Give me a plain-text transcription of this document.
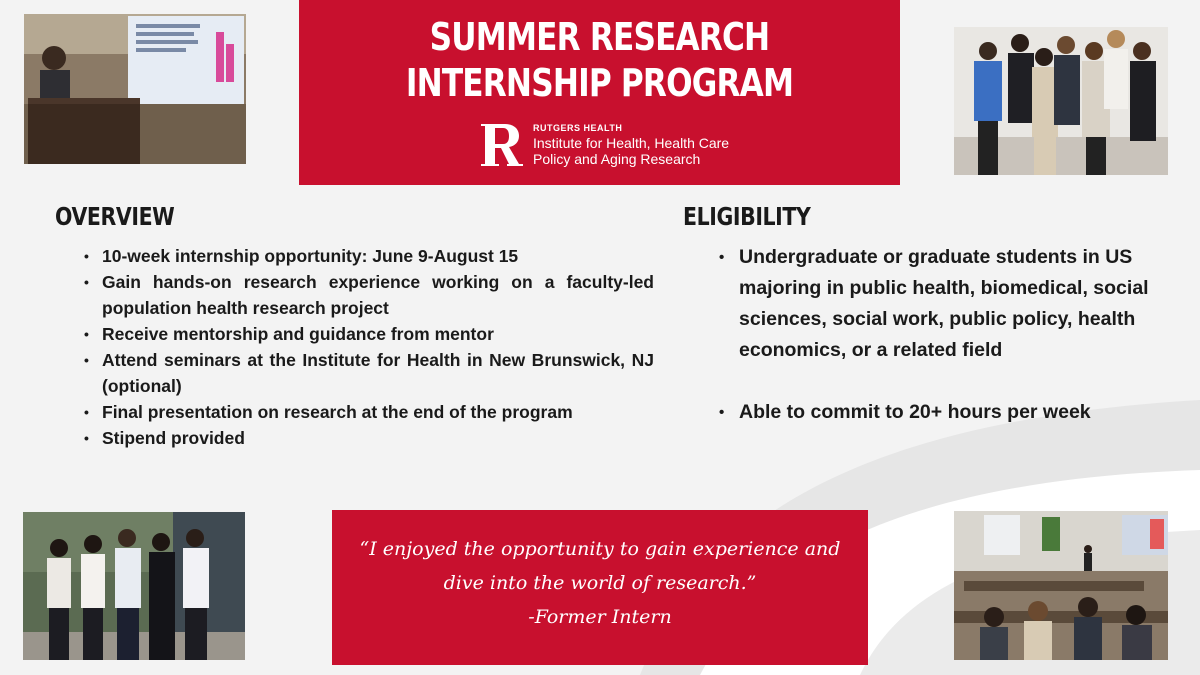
SUMMER RESEARCH
INTERNSHIP PROGRAM
RUTGERS HEALTH
Institute for Health, Health Care
Policy and Aging Research
OVERVIEW
• 10-week internship opportunity: June 9-August 15
• Gain hands-on research experience working on a faculty-led population health research project
• Receive mentorship and guidance from mentor
• Attend seminars at the Institute for Health in New Brunswick, NJ (optional)
• Final presentation on research at the end of the program
• Stipend provided
ELIGIBILITY
• Undergraduate or graduate students in US majoring in public health, biomedical, social sciences, social work, public policy, health economics, or a related field
• Able to commit to 20+ hours per week

“I enjoyed the opportunity to gain experience and
dive into the world of research.”

-Former Intern
